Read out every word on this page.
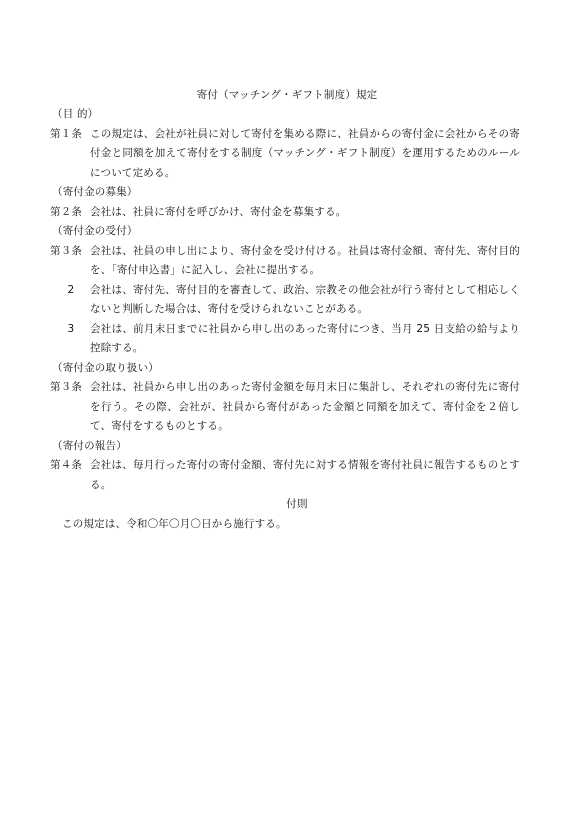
寄付（マッチング・ギフト制度）規定
（目 的）
第１条 この規定は、会社が社員に対して寄付を集める際に、社員からの寄付金に会社からその寄付金と同額を加えて寄付をする制度（マッチング・ギフト制度）を運用するためのルールについて定める。
（寄付金の募集）
第２条 会社は、社員に寄付を呼びかけ、寄付金を募集する。
（寄付金の受付）
第３条 会社は、社員の申し出により、寄付金を受け付ける。社員は寄付金額、寄付先、寄付目的を、「寄付申込書」に記入し、会社に提出する。
2	会社は、寄付先、寄付目的を審査して、政治、宗教その他会社が行う寄付として相応しくないと判断した場合は、寄付を受けられないことがある。
3	会社は、前月末日までに社員から申し出のあった寄付につき、当月 25 日支給の給与より控除する。
（寄付金の取り扱い）
第３条 会社は、社員から申し出のあった寄付金額を毎月末日に集計し、それぞれの寄付先に寄付を行う。その際、会社が、社員から寄付があった金額と同額を加えて、寄付金を２倍して、寄付をするものとする。
（寄付の報告）
第４条 会社は、毎月行った寄付の寄付金額、寄付先に対する情報を寄付社員に報告するものとする。
付則
この規定は、令和〇年〇月〇日から施行する。
